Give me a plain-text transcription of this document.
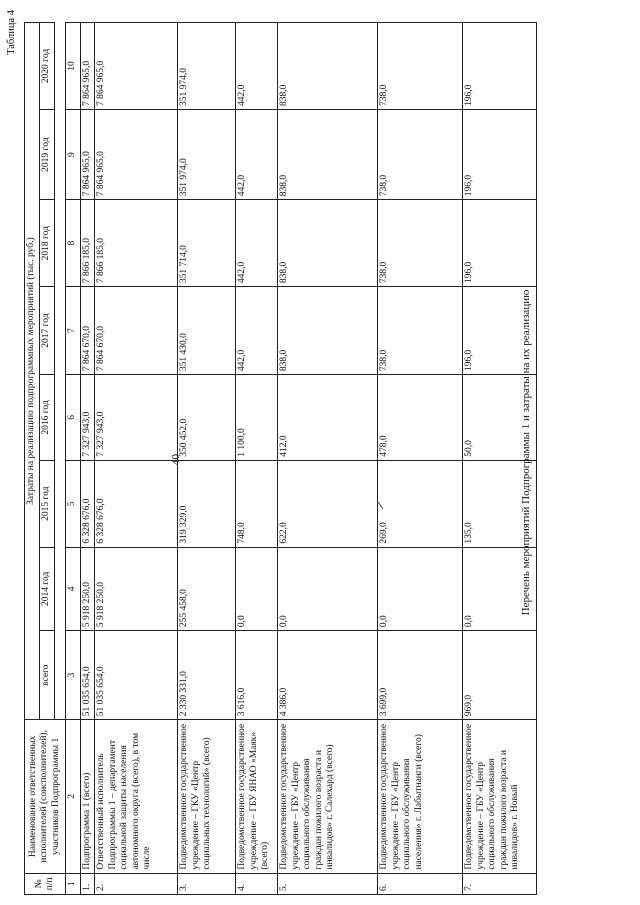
Таблица 4
40
№ п/п	Наименование ответственных исполнителей (соисполнителей), участников Подпрограммы 1	Затраты на реализацию подпрограммных мероприятий (тыс. руб.)							
		всего	2014 год	2015 год	2016 год	2017 год	2018 год	2019 год	2020 год

1	2	3	4	5	6	7	8	9	10
1.	Подпрограмма 1 (всего)	51 035 654,0	5 918 250,0	6 328 676,0	7 327 943,0	7 864 670,0	7 866 185,0	7 864 965,0	7 864 965,0
2.	Ответственный исполнитель Подпрограммы 1 – департамент социальной защиты населения автономного округа (всего), в том числе	51 035 654,0	5 918 250,0	6 328 676,0	7 327 943,0	7 864 670,0	7 866 185,0	7 864 965,0	7 864 965,0
3.	Подведомственное государственное учреждение – ГКУ «Центр социальных технологий» (всего)	2 330 331,0	255 458,0	319 329,0	350 452,0	351 430,0	351 714,0	351 974,0	351 974,0
4.	Подведомственное государственное учреждение – ГБУ ЯНАО «Маяк» (всего)	3 616,0	0,0	748,0	1 100,0	442,0	442,0	442,0	442,0
5.	Подведомственное государственное учреждение – ГБУ «Центр социального обслуживания граждан пожилого возраста и инвалидов» г. Салехард (всего)	4 386,0	0,0	622,0	412,0	838,0	838,0	838,0	838,0
6.	Подведомственное государственное учреждение – ГБУ «Центр социального обслуживания населения» г. Лабытнанги (всего)	3 699,0	0,0	269,0	478,0	738,0	738,0	738,0	738,0
7.	Подведомственное государственное учреждение – ГБУ «Центр социального обслуживания граждан пожилого возраста и инвалидов» г. Новый	969,0	0,0	135,0	50,0	196,0	196,0	196,0	196,0
Перечень мероприятий Подпрограммы 1 и затраты на их реализацию
